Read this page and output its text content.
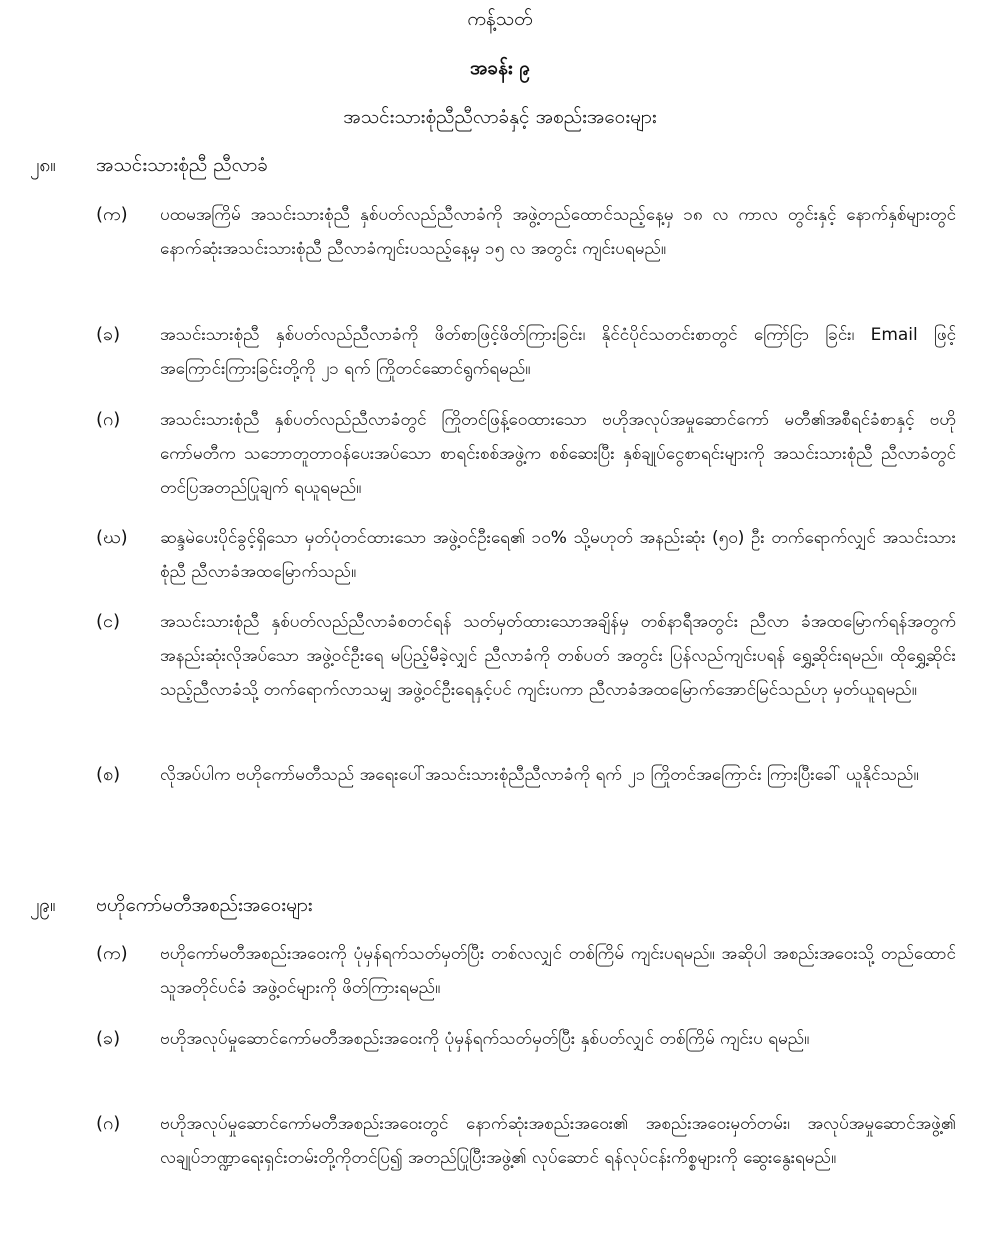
ကန့်သတ်
အခန်း ၉
အသင်းသားစုံညီညီလာခံနှင့် အစည်းအဝေးများ
၂၈။ အသင်းသားစုံညီ ညီလာခံ
(က)	ပထမအကြိမ် အသင်းသားစုံညီ နှစ်ပတ်လည်ညီလာခံကို အဖွဲ့တည်ထောင်သည့်နေ့မှ ၁၈ လ ကာလ တွင်းနှင့် နောက်နှစ်များတွင် နောက်ဆုံးအသင်းသားစုံညီ ညီလာခံကျင်းပသည့်နေ့မှ ၁၅ လ အတွင်း ကျင်းပရမည်။
(ခ)	အသင်းသားစုံညီ နှစ်ပတ်လည်ညီလာခံကို ဖိတ်စာဖြင့်ဖိတ်ကြားခြင်း၊ နိုင်ငံပိုင်သတင်းစာတွင် ကြော်ငြာ ခြင်း၊ Email ဖြင့်အကြောင်းကြားခြင်းတို့ကို ၂၁ ရက် ကြိုတင်ဆောင်ရွက်ရမည်။
(ဂ)	အသင်းသားစုံညီ နှစ်ပတ်လည်ညီလာခံတွင် ကြိုတင်ဖြန့်ဝေထားသော ဗဟိုအလုပ်အမှုဆောင်ကော် မတီ၏အစီရင်ခံစာနှင့် ဗဟိုကော်မတီက သဘောတူတာဝန်ပေးအပ်သော စာရင်းစစ်အဖွဲ့က စစ်ဆေးပြီး နှစ်ချုပ်ငွေစာရင်းများကို အသင်းသားစုံညီ ညီလာခံတွင် တင်ပြအတည်ပြုချက် ရယူရမည်။
(ဃ)	ဆန္ဒမဲပေးပိုင်ခွင့်ရှိသော မှတ်ပုံတင်ထားသော အဖွဲ့ဝင်ဦးရေ၏ ၁၀% သို့မဟုတ် အနည်းဆုံး (၅၀) ဦး တက်ရောက်လျှင် အသင်းသားစုံညီ ညီလာခံအထမြောက်သည်။
(င)	အသင်းသားစုံညီ နှစ်ပတ်လည်ညီလာခံစတင်ရန် သတ်မှတ်ထားသောအချိန်မှ တစ်နာရီအတွင်း ညီလာ ခံအထမြောက်ရန်အတွက် အနည်းဆုံးလိုအပ်သော အဖွဲ့ဝင်ဦးရေ မပြည့်မီခဲ့လျှင် ညီလာခံကို တစ်ပတ် အတွင်း ပြန်လည်ကျင်းပရန် ရွှေ့ဆိုင်းရမည်။ ထိုရွှေ့ဆိုင်းသည့်ညီလာခံသို့ တက်ရောက်လာသမျှ အဖွဲ့ဝင်ဦးရေနှင့်ပင် ကျင်းပကာ ညီလာခံအထမြောက်အောင်မြင်သည်ဟု မှတ်ယူရမည်။
(စ)	လိုအပ်ပါက ဗဟိုကော်မတီသည် အရေးပေါ်အသင်းသားစုံညီညီလာခံကို ရက် ၂၁ ကြိုတင်အကြောင်း ကြားပြီးခေါ် ယူနိုင်သည်။
၂၉။ ဗဟိုကော်မတီအစည်းအဝေးများ
(က)	ဗဟိုကော်မတီအစည်းအဝေးကို ပုံမှန်ရက်သတ်မှတ်ပြီး တစ်လလျှင် တစ်ကြိမ် ကျင်းပရမည်။ အဆိုပါ အစည်းအဝေးသို့ တည်ထောင်သူအတိုင်ပင်ခံ အဖွဲ့ဝင်များကို ဖိတ်ကြားရမည်။
(ခ)	ဗဟိုအလုပ်မှုဆောင်ကော်မတီအစည်းအဝေးကို ပုံမှန်ရက်သတ်မှတ်ပြီး နှစ်ပတ်လျှင် တစ်ကြိမ် ကျင်းပ ရမည်။
(ဂ)	ဗဟိုအလုပ်မှုဆောင်ကော်မတီအစည်းအဝေးတွင် နောက်ဆုံးအစည်းအဝေး၏ အစည်းအဝေးမှတ်တမ်း၊ အလုပ်အမှုဆောင်အဖွဲ့၏ လချုပ်ဘဏ္ဍာရေးရှင်းတမ်းတို့ကိုတင်ပြ၍ အတည်ပြုပြီးအဖွဲ့၏ လုပ်ဆောင် ရန်လုပ်ငန်းကိစ္စများကို ဆွေးနွေးရမည်။
